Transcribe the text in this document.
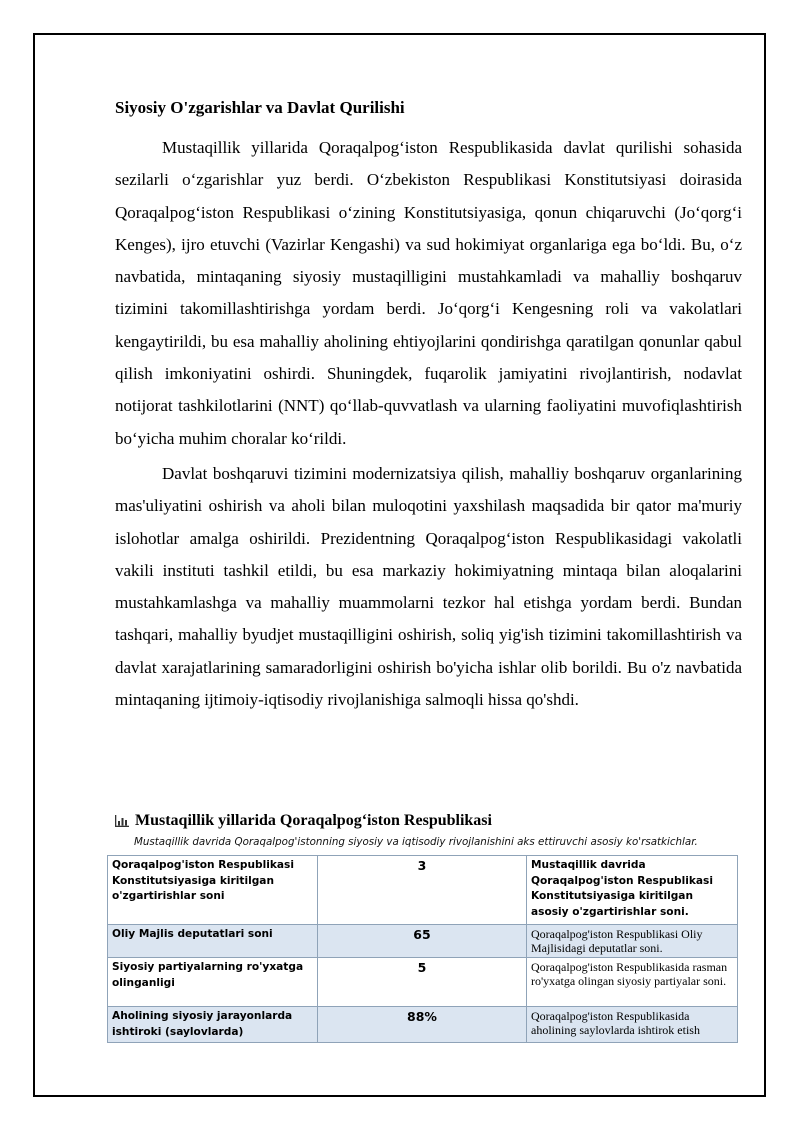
Siyosiy O'zgarishlar va Davlat Qurilishi

Mustaqillik yillarida Qoraqalpog‘iston Respublikasida davlat qurilishi sohasida sezilarli o‘zgarishlar yuz berdi. O‘zbekiston Respublikasi Konstitutsiyasi doirasida Qoraqalpog‘iston Respublikasi o‘zining Konstitutsiyasiga, qonun chiqaruvchi (Jo‘qorg‘i Kenges), ijro etuvchi (Vazirlar Kengashi) va sud hokimiyat organlariga ega bo‘ldi. Bu, o‘z navbatida, mintaqaning siyosiy mustaqilligini mustahkamladi va mahalliy boshqaruv tizimini takomillashtirishga yordam berdi. Jo‘qorg‘i Kengesning roli va vakolatlari kengaytirildi, bu esa mahalliy aholining ehtiyojlarini qondirishga qaratilgan qonunlar qabul qilish imkoniyatini oshirdi. Shuningdek, fuqarolik jamiyatini rivojlantirish, nodavlat notijorat tashkilotlarini (NNT) qo‘llab-quvvatlash va ularning faoliyatini muvofiqlashtirish bo‘yicha muhim choralar ko‘rildi.

Davlat boshqaruvi tizimini modernizatsiya qilish, mahalliy boshqaruv organlarining mas'uliyatini oshirish va aholi bilan muloqotini yaxshilash maqsadida bir qator ma'muriy islohotlar amalga oshirildi. Prezidentning Qoraqalpog‘iston Respublikasidagi vakolatli vakili instituti tashkil etildi, bu esa markaziy hokimiyatning mintaqa bilan aloqalarini mustahkamlashga va mahalliy muammolarni tezkor hal etishga yordam berdi. Bundan tashqari, mahalliy byudjet mustaqilligini oshirish, soliq yig'ish tizimini takomillashtirish va davlat xarajatlarining samaradorligini oshirish bo'yicha ishlar olib borildi. Bu o'z navbatida mintaqaning ijtimoiy-iqtisodiy rivojlanishiga salmoqli hissa qo'shdi.

Mustaqillik yillarida Qoraqalpog‘iston Respublikasi
Mustaqillik davrida Qoraqalpog'istonning siyosiy va iqtisodiy rivojlanishini aks ettiruvchi asosiy ko'rsatkichlar.
Qoraqalpog'iston Respublikasi Konstitutsiyasiga kiritilgan o'zgartirishlar soni	3	Mustaqillik davrida Qoraqalpog'iston Respublikasi Konstitutsiyasiga kiritilgan asosiy o'zgartirishlar soni.
Oliy Majlis deputatlari soni	65	Qoraqalpog'iston Respublikasi Oliy Majlisidagi deputatlar soni.
Siyosiy partiyalarning ro'yxatga olinganligi	5	Qoraqalpog'iston Respublikasida rasman ro'yxatga olingan siyosiy partiyalar soni.
Aholining siyosiy jarayonlarda ishtiroki (saylovlarda)	88%	Qoraqalpog'iston Respublikasida aholining saylovlarda ishtirok etish
